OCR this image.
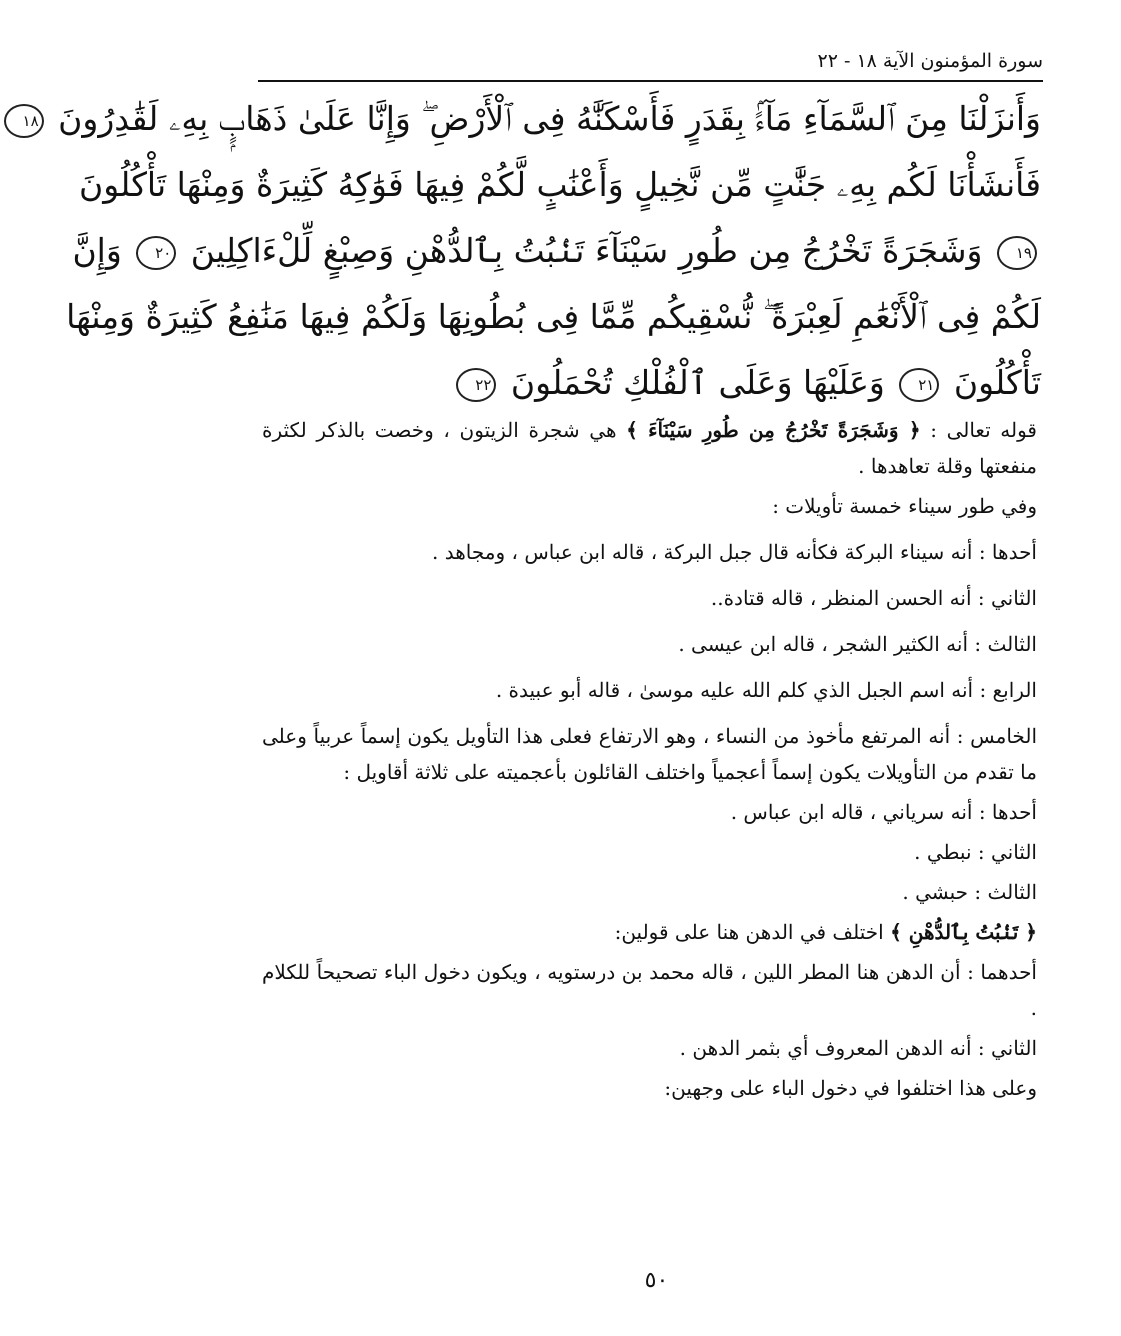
سورة المؤمنون الآية ١٨ - ٢٢
وَأَنزَلْنَا مِنَ ٱلسَّمَآءِ مَآءًۢ بِقَدَرٍ فَأَسْكَنَّٰهُ فِى ٱلْأَرْضِ ۖ وَإِنَّا عَلَىٰ ذَهَابٍۭ بِهِۦ لَقَٰدِرُونَ ١٨
فَأَنشَأْنَا لَكُم بِهِۦ جَنَّٰتٍ مِّن نَّخِيلٍ وَأَعْنَٰبٍ لَّكُمْ فِيهَا فَوَٰكِهُ كَثِيرَةٌ وَمِنْهَا تَأْكُلُونَ
١٩ وَشَجَرَةً تَخْرُجُ مِن طُورِ سَيْنَآءَ تَنۢبُتُ بِٱلدُّهْنِ وَصِبْغٍ لِّلْءَاكِلِينَ ٢٠ وَإِنَّ
لَكُمْ فِى ٱلْأَنْعَٰمِ لَعِبْرَةً ۖ نُّسْقِيكُم مِّمَّا فِى بُطُونِهَا وَلَكُمْ فِيهَا مَنَٰفِعُ كَثِيرَةٌ وَمِنْهَا
تَأْكُلُونَ ٢١ وَعَلَيْهَا وَعَلَى ٱلْفُلْكِ تُحْمَلُونَ ٢٢

قوله تعالى : ﴿ وَشَجَرَةً تَخْرُجُ مِن طُورِ سَيْنَآءَ ﴾ هي شجرة الزيتون ، وخصت بالذكر لكثرة منفعتها وقلة تعاهدها .

وفي طور سيناء خمسة تأويلات :

أحدها : أنه سيناء البركة فكأنه قال جبل البركة ، قاله ابن عباس ، ومجاهد .

الثاني : أنه الحسن المنظر ، قاله قتادة..

الثالث : أنه الكثير الشجر ، قاله ابن عيسى .

الرابع : أنه اسم الجبل الذي كلم الله عليه موسىٰ ، قاله أبو عبيدة .

الخامس : أنه المرتفع مأخوذ من النساء ، وهو الارتفاع فعلى هذا التأويل يكون إسماً عربياً وعلى ما تقدم من التأويلات يكون إسماً أعجمياً واختلف القائلون بأعجميته على ثلاثة أقاويل :

أحدها : أنه سرياني ، قاله ابن عباس .

الثاني : نبطي .

الثالث : حبشي .

﴿ تَنۢبُتُ بِٱلدُّهْنِ ﴾ اختلف في الدهن هنا على قولين:

أحدهما : أن الدهن هنا المطر اللين ، قاله محمد بن درستويه ، ويكون دخول الباء تصحيحاً للكلام .

الثاني : أنه الدهن المعروف أي بثمر الدهن .

وعلى هذا اختلفوا في دخول الباء على وجهين:

٥٠
